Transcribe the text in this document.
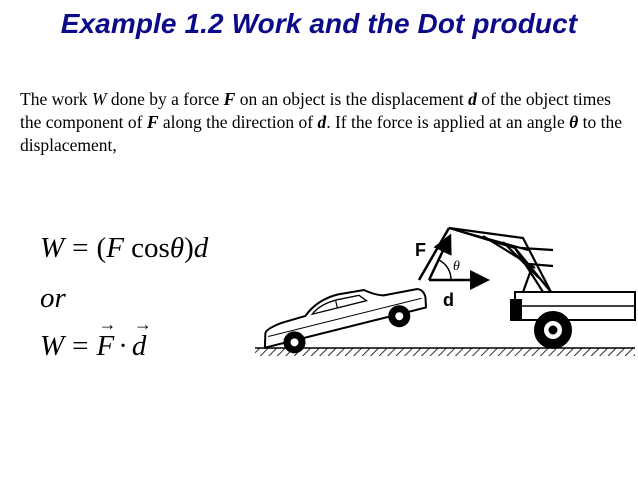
Example 1.2 Work and the Dot product
The work W done by a force F on an object is the displacement d of the object times the component of F along the direction of d. If the force is applied at an angle θ to the displacement,
W = (F cosθ)d
or
W =
→
F ·
→
d
F
d
θ
